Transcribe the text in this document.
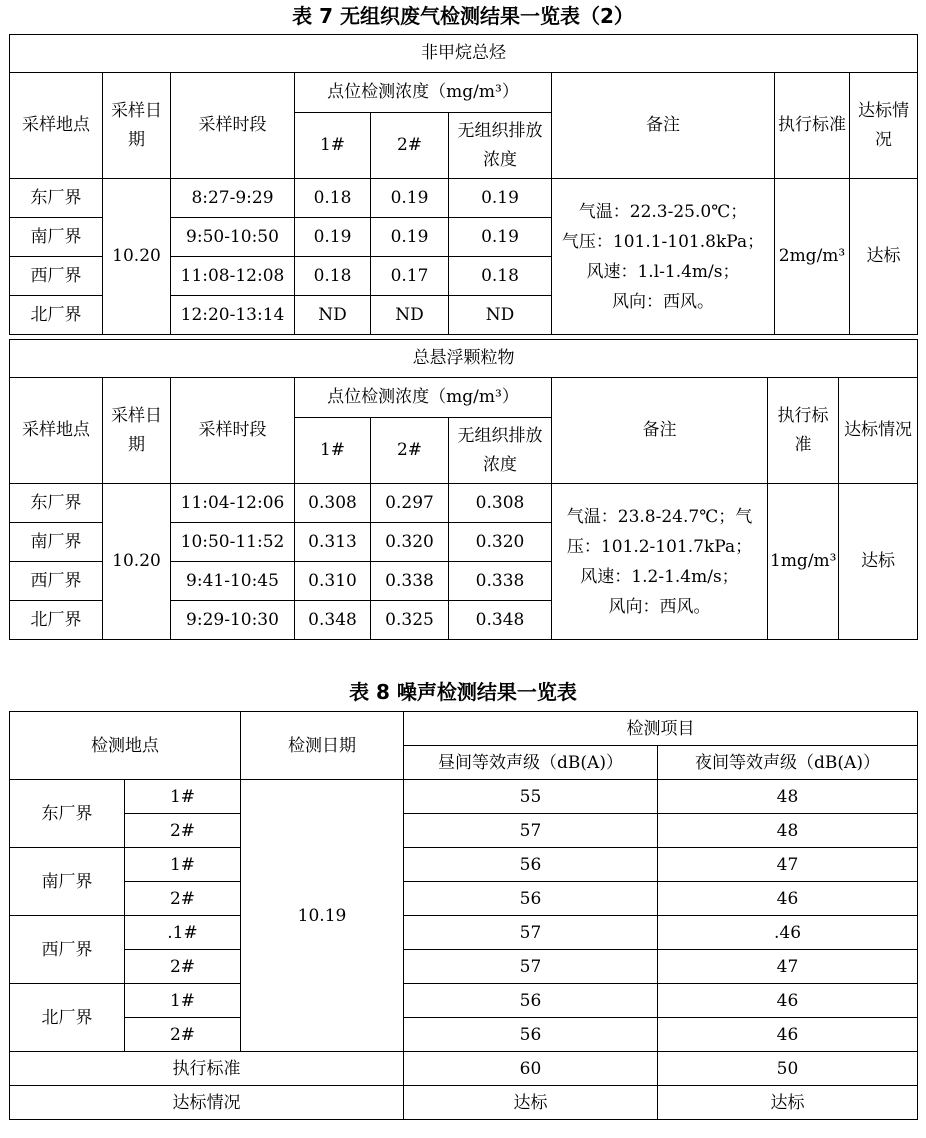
表 7 无组织废气检测结果一览表（2）
非甲烷总烃								
采样地点	采样日期	采样时段	点位检测浓度（mg/m³）			备注	执行标准	达标情况
			1#	2#	无组织排放浓度			
东厂界	10.20	8:27-9:29	0.18	0.19	0.19	气温：22.3-25.0℃；
气压：101.1-101.8kPa；
风速：1.l-1.4m/s；
风向：西风。	2mg/m³	达标
南厂界		9:50-10:50	0.19	0.19	0.19			
西厂界		11:08-12:08	0.18	0.17	0.18			
北厂界		12:20-13:14	ND	ND	ND			
总悬浮颗粒物								
采样地点	采样日期	采样时段	点位检测浓度（mg/m³）			备注	执行标准	达标情况
			1#	2#	无组织排放浓度			
东厂界	10.20	11:04-12:06	0.308	0.297	0.308	气温：23.8-24.7℃；气
压：101.2-101.7kPa；
风速：1.2-1.4m/s；
风向：西风。	1mg/m³	达标
南厂界		10:50-11:52	0.313	0.320	0.320			
西厂界		9:41-10:45	0.310	0.338	0.338			
北厂界		9:29-10:30	0.348	0.325	0.348			
表 8 噪声检测结果一览表
检测地点		检测日期	检测项目	
			昼间等效声级（dB(A)）	夜间等效声级（dB(A)）
东厂界	1#	10.19	55	48
	2#		57	48
南厂界	1#		56	47
	2#		56	46
西厂界	.1#		57	.46
	2#		57	47
北厂界	1#		56	46
	2#		56	46
执行标准			60	50
达标情况			达标	达标
